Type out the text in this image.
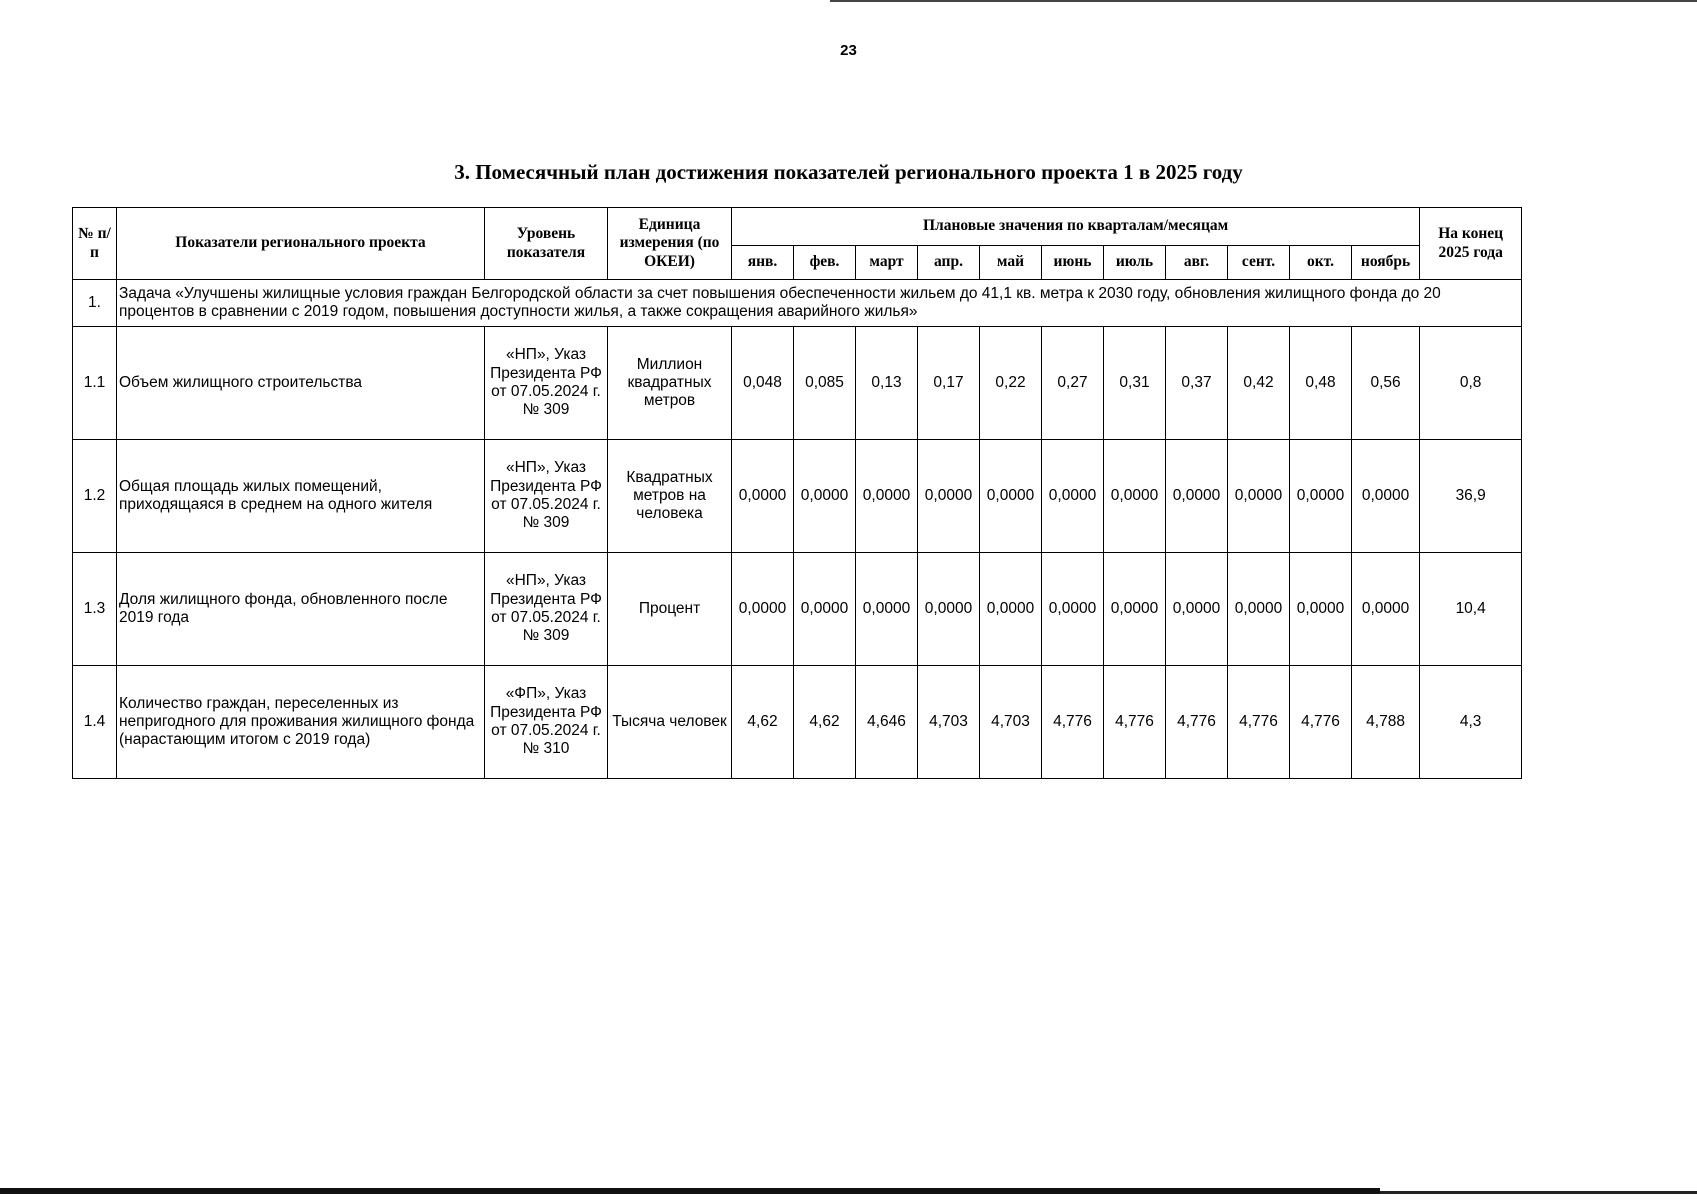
23
3. Помесячный план достижения показателей регионального проекта 1 в 2025 году
№ п/п	Показатели регионального проекта	Уровень показателя	Единица измерения (по ОКЕИ)	Плановые значения по кварталам/месяцам											На конец 2025 года
				янв.	фев.	март	апр.	май	июнь	июль	авг.	сент.	окт.	ноябрь	
1.	Задача «Улучшены жилищные условия граждан Белгородской области за счет повышения обеспеченности жильем до 41,1 кв. метра к 2030 году, обновления жилищного фонда до 20 процентов в сравнении с 2019 годом, повышения доступности жилья, а также сокращения аварийного жилья»														
1.1	Объем жилищного строительства	«НП», Указ Президента РФ от 07.05.2024 г. № 309	Миллион квадратных метров	0,048	0,085	0,13	0,17	0,22	0,27	0,31	0,37	0,42	0,48	0,56	0,8
1.2	Общая площадь жилых помещений, приходящаяся в среднем на одного жителя	«НП», Указ Президента РФ от 07.05.2024 г. № 309	Квадратных метров на человека	0,0000	0,0000	0,0000	0,0000	0,0000	0,0000	0,0000	0,0000	0,0000	0,0000	0,0000	36,9
1.3	Доля жилищного фонда, обновленного после 2019 года	«НП», Указ Президента РФ от 07.05.2024 г. № 309	Процент	0,0000	0,0000	0,0000	0,0000	0,0000	0,0000	0,0000	0,0000	0,0000	0,0000	0,0000	10,4
1.4	Количество граждан, переселенных из непригодного для проживания жилищного фонда (нарастающим итогом с 2019 года)	«ФП», Указ Президента РФ от 07.05.2024 г. № 310	Тысяча человек	4,62	4,62	4,646	4,703	4,703	4,776	4,776	4,776	4,776	4,776	4,788	4,3
